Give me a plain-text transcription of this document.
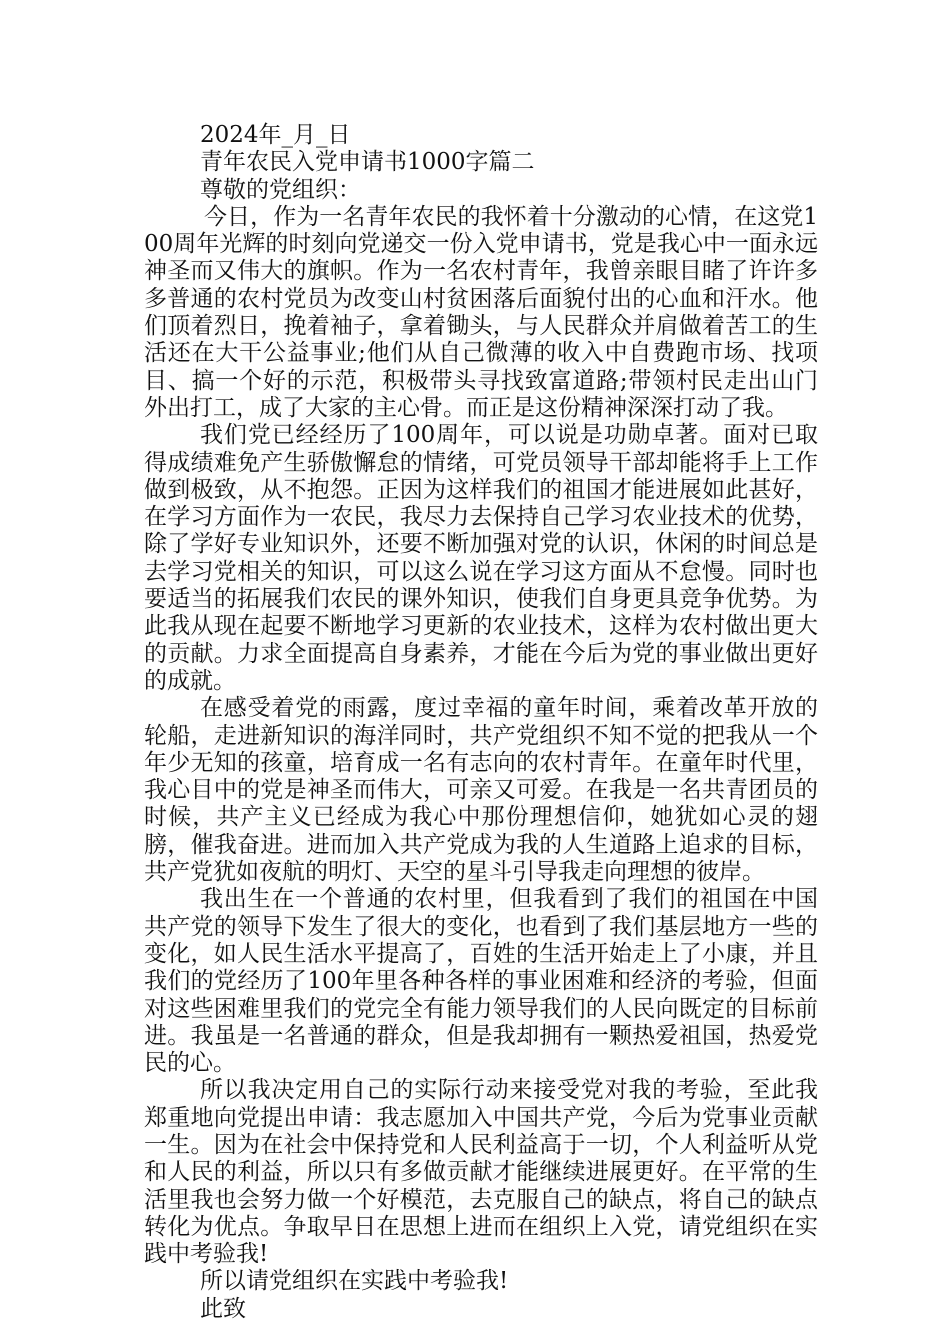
2024年_月_日

青年农民入党申请书1000字篇二

尊敬的党组织：

今日，作为一名青年农民的我怀着十分激动的心情，在这党100周年光辉的时刻向党递交一份入党申请书，党是我心中一面永远神圣而又伟大的旗帜。作为一名农村青年，我曾亲眼目睹了许许多多普通的农村党员为改变山村贫困落后面貌付出的心血和汗水。他们顶着烈日，挽着袖子，拿着锄头，与人民群众并肩做着苦工的生活还在大干公益事业;他们从自己微薄的收入中自费跑市场、找项目、搞一个好的示范，积极带头寻找致富道路;带领村民走出山门外出打工，成了大家的主心骨。而正是这份精神深深打动了我。

我们党已经经历了100周年，可以说是功勋卓著。面对已取得成绩难免产生骄傲懈怠的情绪，可党员领导干部却能将手上工作做到极致，从不抱怨。正因为这样我们的祖国才能进展如此甚好，在学习方面作为一农民，我尽力去保持自己学习农业技术的优势，除了学好专业知识外，还要不断加强对党的认识，休闲的时间总是去学习党相关的知识，可以这么说在学习这方面从不怠慢。同时也要适当的拓展我们农民的课外知识，使我们自身更具竞争优势。为此我从现在起要不断地学习更新的农业技术，这样为农村做出更大的贡献。力求全面提高自身素养，才能在今后为党的事业做出更好的成就。

在感受着党的雨露，度过幸福的童年时间，乘着改革开放的轮船，走进新知识的海洋同时，共产党组织不知不觉的把我从一个年少无知的孩童，培育成一名有志向的农村青年。在童年时代里，我心目中的党是神圣而伟大，可亲又可爱。在我是一名共青团员的时候，共产主义已经成为我心中那份理想信仰，她犹如心灵的翅膀，催我奋进。进而加入共产党成为我的人生道路上追求的目标，共产党犹如夜航的明灯、天空的星斗引导我走向理想的彼岸。

我出生在一个普通的农村里，但我看到了我们的祖国在中国共产党的领导下发生了很大的变化，也看到了我们基层地方一些的变化，如人民生活水平提高了，百姓的生活开始走上了小康，并且我们的党经历了100年里各种各样的事业困难和经济的考验，但面对这些困难里我们的党完全有能力领导我们的人民向既定的目标前进。我虽是一名普通的群众，但是我却拥有一颗热爱祖国，热爱党民的心。

所以我决定用自己的实际行动来接受党对我的考验，至此我郑重地向党提出申请：我志愿加入中国共产党，今后为党事业贡献一生。因为在社会中保持党和人民利益高于一切，个人利益听从党和人民的利益，所以只有多做贡献才能继续进展更好。在平常的生活里我也会努力做一个好模范，去克服自己的缺点，将自己的缺点转化为优点。争取早日在思想上进而在组织上入党，请党组织在实践中考验我!

所以请党组织在实践中考验我!

此致
